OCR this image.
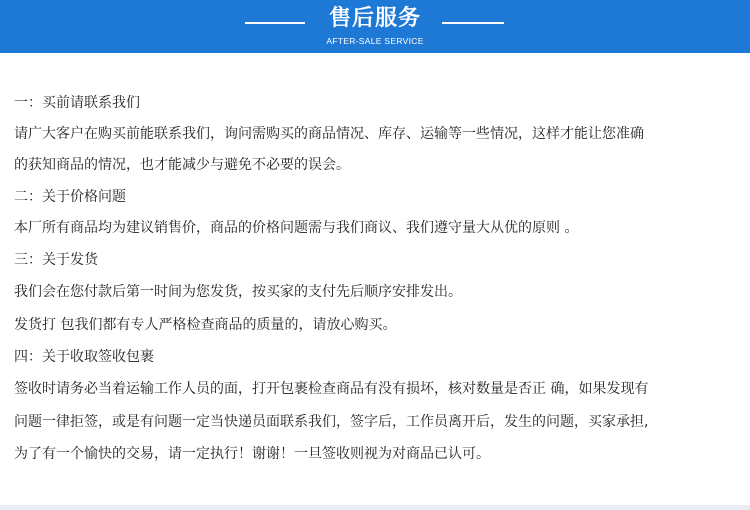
售后服务
AFTER-SALE SERVICE
一：买前请联系我们
请广大客户在购买前能联系我们，询问需购买的商品情况、库存、运输等一些情况，这样才能让您准确
的获知商品的情况，也才能减少与避免不必要的误会。
二：关于价格问题
本厂所有商品均为建议销售价，商品的价格问题需与我们商议、我们遵守量大从优的原则 。
三：关于发货
我们会在您付款后第一时间为您发货，按买家的支付先后顺序安排发出。
发货打 包我们都有专人严格检查商品的质量的，请放心购买。
四：关于收取签收包裹
签收时请务必当着运输工作人员的面，打开包裹检查商品有没有损坏，核对数量是否正 确，如果发现有
问题一律拒签，或是有问题一定当快递员面联系我们，签字后，工作员离开后，发生的问题，买家承担,
为了有一个愉快的交易，请一定执行！谢谢！一旦签收则视为对商品已认可。
